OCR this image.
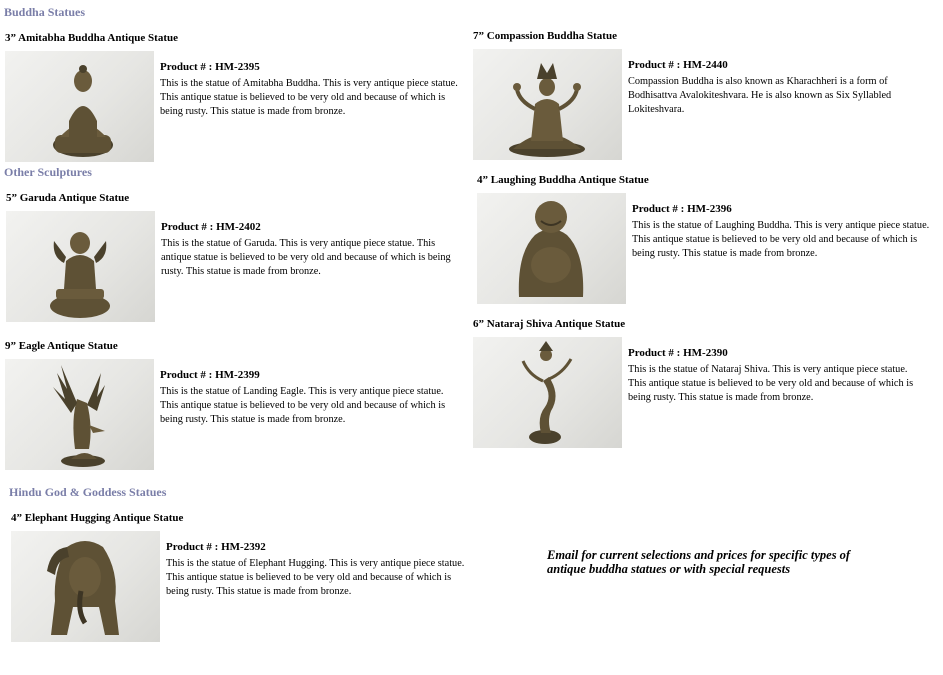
Buddha Statues
Other Sculptures
Hindu God & Goddess Statues
3” Amitabha Buddha Antique Statue
Product # : HM-2395
This is the statue of Amitabha Buddha. This is very antique piece statue. This antique statue is believed to be very old and because of which is being rusty. This statue is made from bronze.
7” Compassion Buddha Statue
Product # : HM-2440
Compassion Buddha is also known as Kharachheri is a form of Bodhisattva Avalokiteshvara. He is also known as Six Syllabled Lokiteshvara.
5” Garuda Antique Statue
Product # : HM-2402
This is the statue of Garuda. This is very antique piece statue. This antique statue is believed to be very old and because of which is being rusty. This statue is made from bronze.
4” Laughing Buddha Antique Statue
Product # : HM-2396
This is the statue of Laughing Buddha. This is very antique piece statue. This antique statue is believed to be very old and because of which is being rusty. This statue is made from bronze.
9” Eagle Antique Statue
Product # : HM-2399
This is the statue of Landing Eagle. This is very antique piece statue. This antique statue is believed to be very old and because of which is being rusty. This statue is made from bronze.
6” Nataraj Shiva Antique Statue
Product # : HM-2390
This is the statue of Nataraj Shiva. This is very antique piece statue. This antique statue is believed to be very old and because of which is being rusty. This statue is made from bronze.
4” Elephant Hugging Antique Statue
Product # : HM-2392
This is the statue of Elephant Hugging. This is very antique piece statue. This antique statue is believed to be very old and because of which is being rusty. This statue is made from bronze.
Email for current selections and prices for specific types of antique buddha statues or with special requests
